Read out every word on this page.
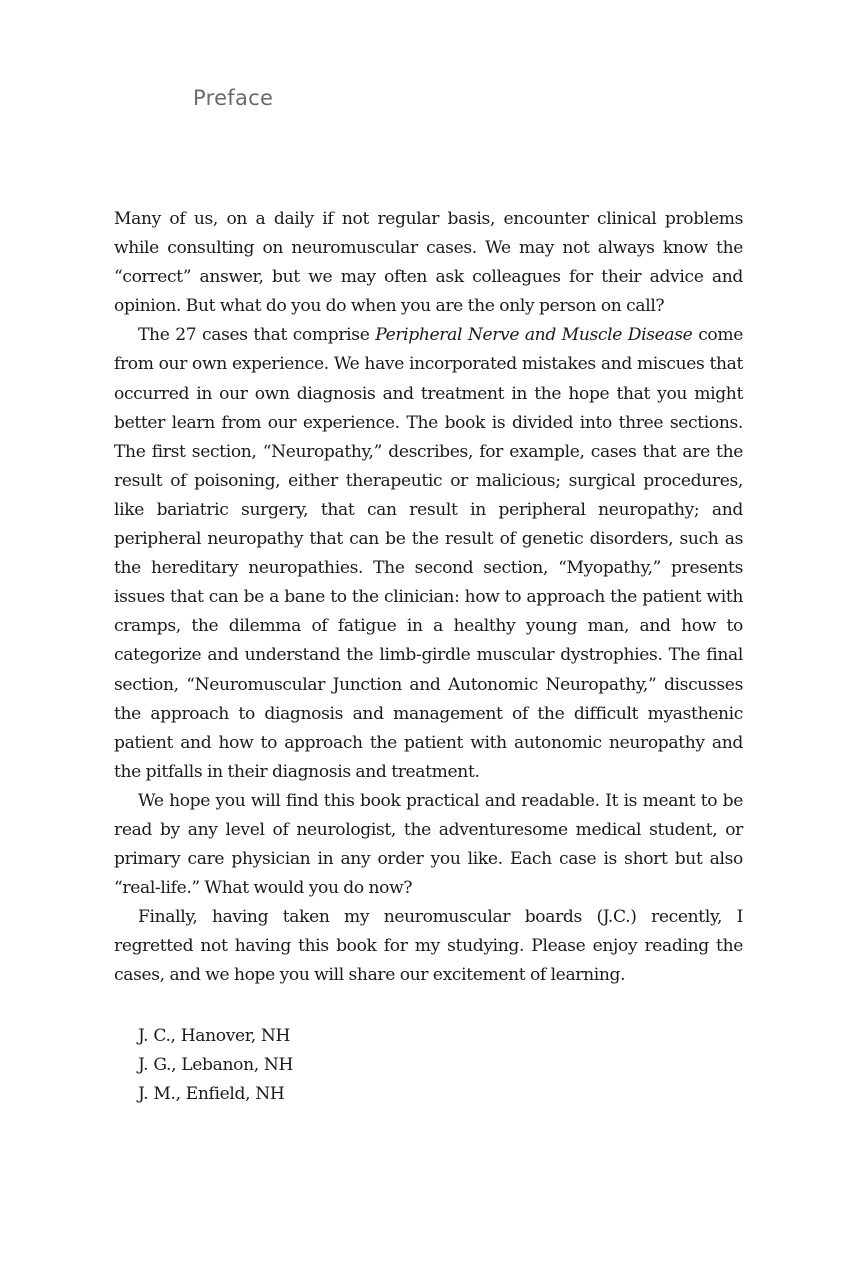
Preface

Many of us, on a daily if not regular basis, encounter clinical problems while consulting on neuromuscular cases. We may not always know the “correct” answer, but we may often ask colleagues for their advice and opinion. But what do you do when you are the only person on call?

The 27 cases that comprise Peripheral Nerve and Muscle Disease come from our own experience. We have incorporated mistakes and miscues that occurred in our own diagnosis and treatment in the hope that you might better learn from our experience. The book is divided into three sections. The first section, “Neuropathy,” describes, for example, cases that are the result of poisoning, either therapeutic or malicious; surgical procedures, like bariatric surgery, that can result in peripheral neuropathy; and peripheral neuropathy that can be the result of genetic disorders, such as the hereditary neuropathies. The second section, “Myopathy,” presents issues that can be a bane to the clinician: how to approach the patient with cramps, the dilemma of fatigue in a healthy young man, and how to categorize and understand the limb-girdle muscular dystrophies. The final section, “Neuromuscular Junction and Autonomic Neuropathy,” discusses the approach to diagnosis and management of the difficult myasthenic patient and how to approach the patient with autonomic neuropathy and the pitfalls in their diagnosis and treatment.

We hope you will find this book practical and readable. It is meant to be read by any level of neurologist, the adventuresome medical student, or primary care physician in any order you like. Each case is short but also “real-life.” What would you do now?

Finally, having taken my neuromuscular boards (J.C.) recently, I regretted not having this book for my studying. Please enjoy reading the cases, and we hope you will share our excitement of learning.

J. C., Hanover, NH
J. G., Lebanon, NH
J. M., Enfield, NH
